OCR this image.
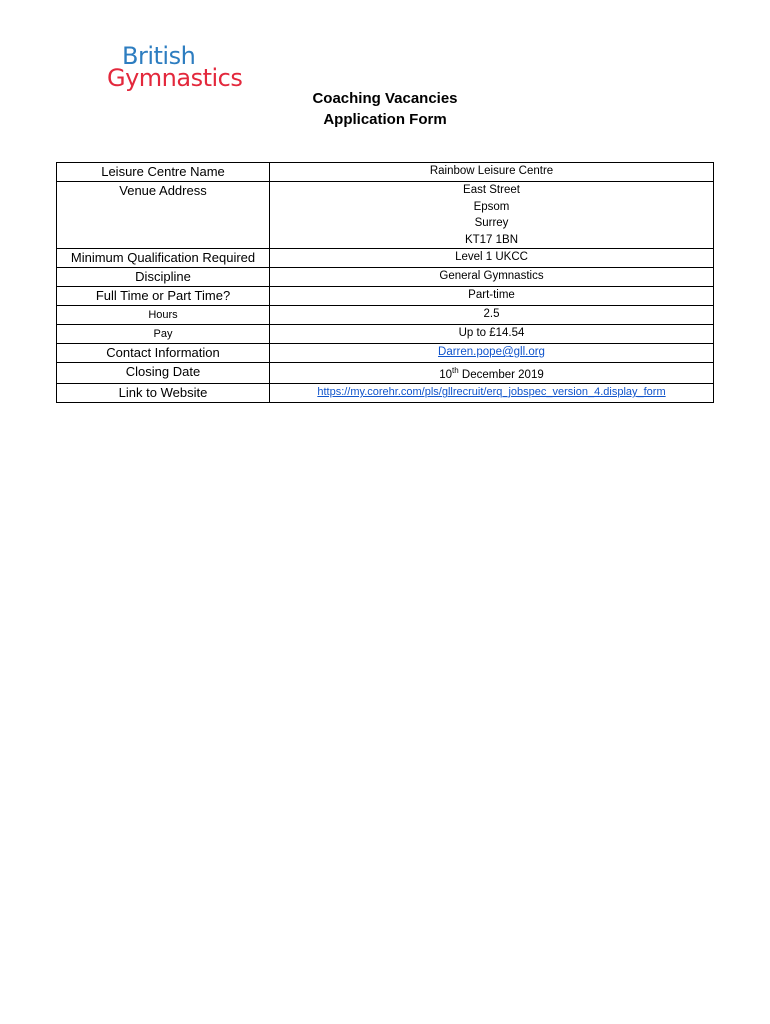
British
Gymnastics
Coaching Vacancies
Application Form
Leisure Centre Name	Rainbow Leisure Centre
Venue Address	East Street
Epsom
Surrey
KT17 1BN

Minimum Qualification Required	Level 1 UKCC
Discipline	General Gymnastics
Full Time or Part Time?	Part-time
Hours	2.5
Pay	Up to £14.54
Contact Information	Darren.pope@gll.org
Closing Date	10th December 2019
Link to Website	https://my.corehr.com/pls/gllrecruit/erq_jobspec_version_4.display_form
